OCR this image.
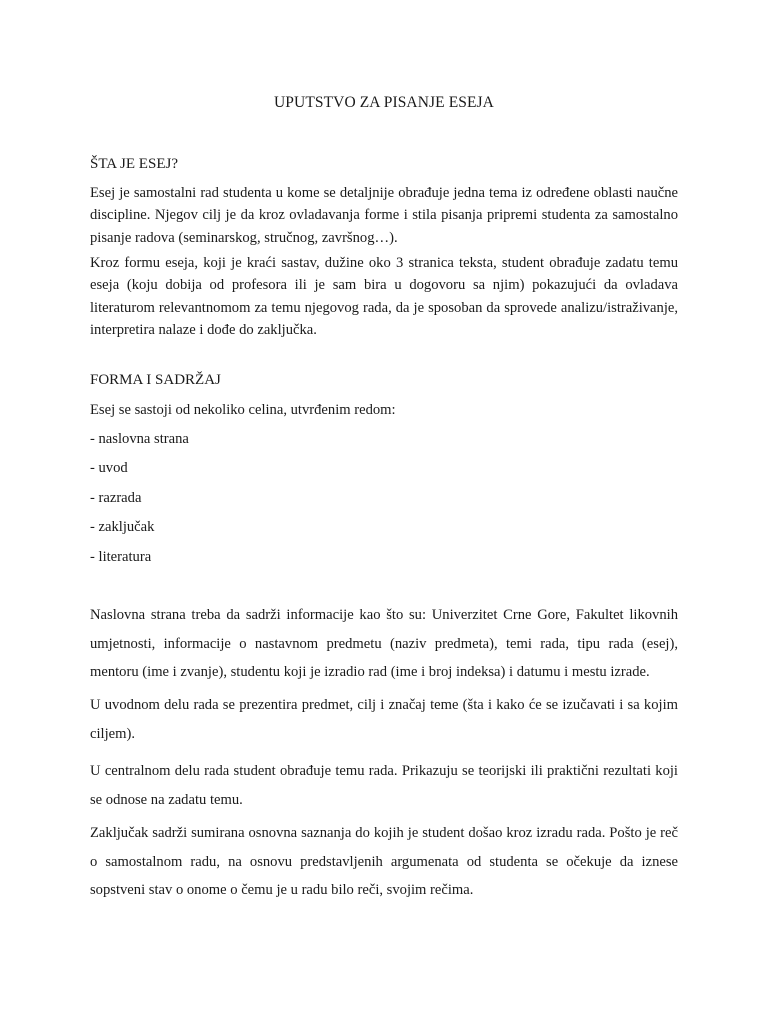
UPUTSTVO ZA PISANJE ESEJA
ŠTA JE ESEJ?

Esej je samostalni rad studenta u kome se detaljnije obrađuje jedna tema iz određene oblasti naučne discipline. Njegov cilj je da kroz ovladavanja forme i stila pisanja pripremi studenta za samostalno pisanje radova (seminarskog, stručnog, završnog…).

Kroz formu eseja, koji je kraći sastav, dužine oko 3 stranica teksta, student obrađuje zadatu temu eseja (koju dobija od profesora ili je sam bira u dogovoru sa njim) pokazujući da ovladava literaturom relevantnomom za temu njegovog rada, da je sposoban da sprovede analizu/istraživanje, interpretira nalaze i dođe do zaključka.

FORMA I SADRŽAJ

Esej se sastoji od nekoliko celina, utvrđenim redom:

- naslovna strana

- uvod

- razrada

- zaključak

- literatura

Naslovna strana treba da sadrži informacije kao što su: Univerzitet Crne Gore, Fakultet likovnih umjetnosti, informacije o nastavnom predmetu (naziv predmeta), temi rada, tipu rada (esej), mentoru (ime i zvanje), studentu koji je izradio rad (ime i broj indeksa) i datumu i mestu izrade.

U uvodnom delu rada se prezentira predmet, cilj i značaj teme (šta i kako će se izučavati i sa kojim ciljem).

U centralnom delu rada student obrađuje temu rada. Prikazuju se teorijski ili praktični rezultati koji se odnose na zadatu temu.

Zaključak sadrži sumirana osnovna saznanja do kojih je student došao kroz izradu rada. Pošto je reč o samostalnom radu, na osnovu predstavljenih argumenata od studenta se očekuje da iznese sopstveni stav o onome o čemu je u radu bilo reči, svojim rečima.
